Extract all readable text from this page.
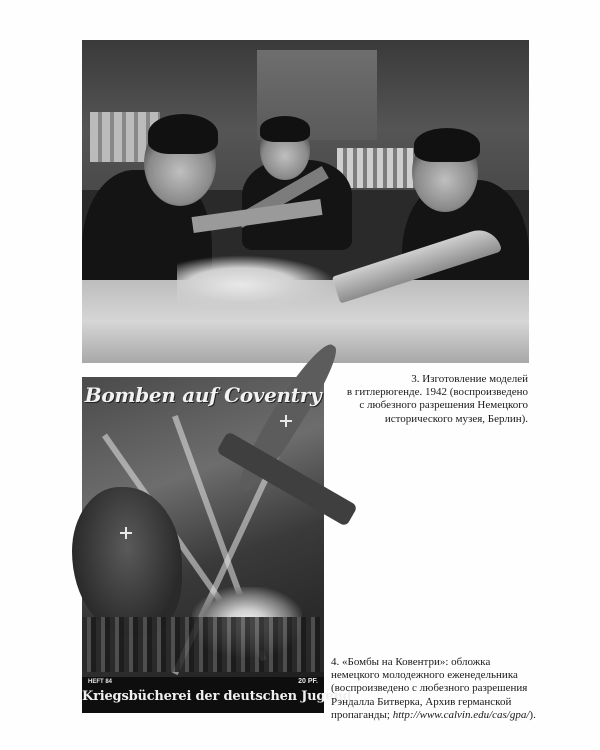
3. Изготовление моделей
в гитлерюгенде. 1942 (воспроизведено
с любезного разрешения Немецкого
исторического музея, Берлин).
Bomben auf Coventry
HEFT 84	20 PF.
Kriegsbücherei der deutschen Jugend
4. «Бомбы на Ковентри»: обложка
немецкого молодежного еженедельника
(воспроизведено с любезного разрешения
Рэндалла Битверка, Архив германской
пропаганды; http://www.calvin.edu/cas/gpa/).
